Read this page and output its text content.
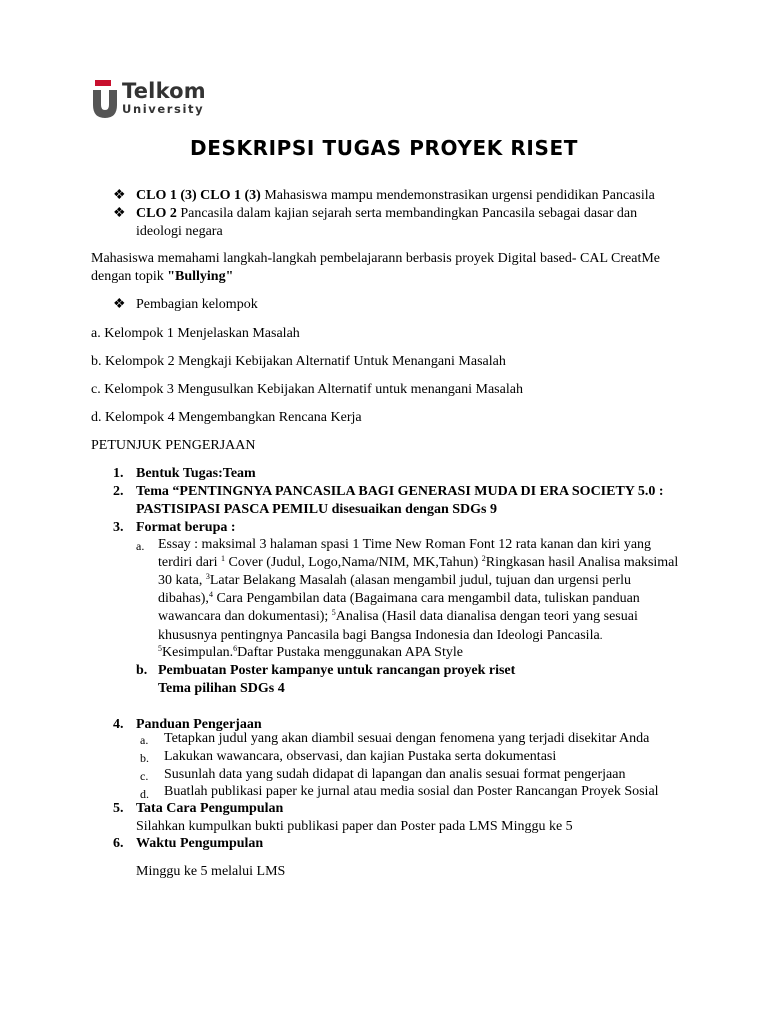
Telkom
University
DESKRIPSI TUGAS PROYEK RISET
❖ CLO 1 (3) CLO 1 (3) Mahasiswa mampu mendemonstrasikan urgensi pendidikan Pancasila
❖ CLO 2 Pancasila dalam kajian sejarah serta membandingkan Pancasila sebagai dasar dan
ideologi negara
Mahasiswa memahami langkah-langkah pembelajarann berbasis proyek Digital based- CAL CreatMe
dengan topik "Bullying"
❖ Pembagian kelompok
a. Kelompok 1 Menjelaskan Masalah
b. Kelompok 2 Mengkaji Kebijakan Alternatif Untuk Menangani Masalah
c. Kelompok 3 Mengusulkan Kebijakan Alternatif untuk menangani Masalah
d. Kelompok 4 Mengembangkan Rencana Kerja
PETUNJUK PENGERJAAN
1. Bentuk Tugas:Team
2. Tema “PENTINGNYA PANCASILA BAGI GENERASI MUDA DI ERA SOCIETY 5.0 :
PASTISIPASI PASCA PEMILU disesuaikan dengan SDGs 9
3. Format berupa :
a. Essay : maksimal 3 halaman spasi 1 Time New Roman Font 12 rata kanan dan kiri yang
terdiri dari $^1$ Cover (Judul, Logo,Nama/NIM, MK,Tahun) $^2$Ringkasan hasil Analisa maksimal
30 kata, $^3$Latar Belakang Masalah (alasan mengambil judul, tujuan dan urgensi perlu
dibahas),$^4$ Cara Pengambilan data (Bagaimana cara mengambil data, tuliskan panduan
wawancara dan dokumentasi); $^5$Analisa (Hasil data dianalisa dengan teori yang sesuai
khususnya pentingnya Pancasila bagi Bangsa Indonesia dan Ideologi Pancasila.
$^5$Kesimpulan.$^6$Daftar Pustaka menggunakan APA Style
b. Pembuatan Poster kampanye untuk rancangan proyek riset
Tema pilihan SDGs 4
4. Panduan Pengerjaan
a. Tetapkan judul yang akan diambil sesuai dengan fenomena yang terjadi disekitar Anda
b. Lakukan wawancara, observasi, dan kajian Pustaka serta dokumentasi
c. Susunlah data yang sudah didapat di lapangan dan analis sesuai format pengerjaan
d. Buatlah publikasi paper ke jurnal atau media sosial dan Poster Rancangan Proyek Sosial
5. Tata Cara Pengumpulan
Silahkan kumpulkan bukti publikasi paper dan Poster pada LMS Minggu ke 5
6. Waktu Pengumpulan
Minggu ke 5 melalui LMS
